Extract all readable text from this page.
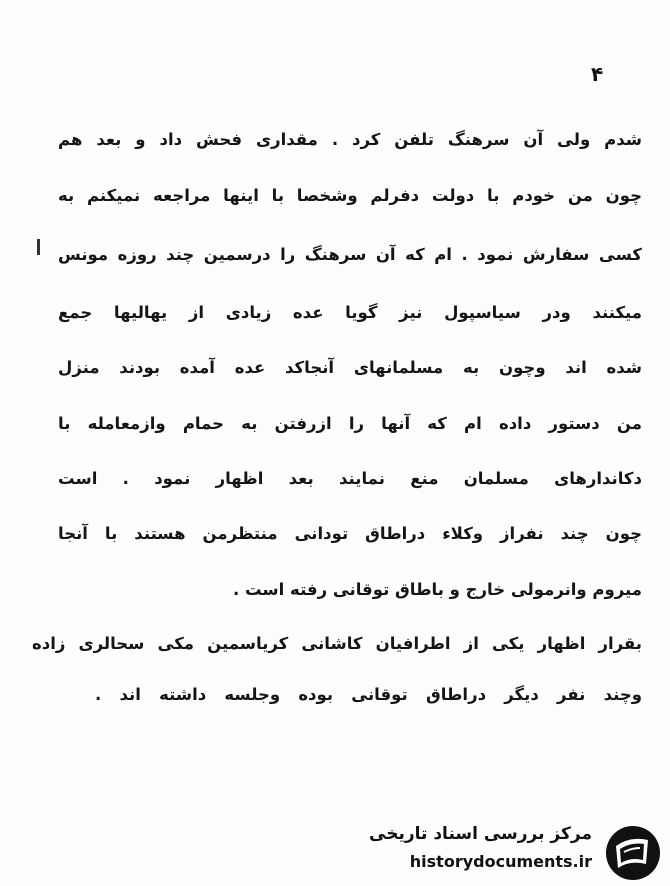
۴
شدم ولی آن سرهنگ تلفن کرد . مقداری فحش داد و بعد هم
چون من خودم با دولت دفرلم وشخصا با اینها مراجعه نمیکنم به
کسی سفارش نمود . ام که آن سرهنگ را درسمین چند روزه مونس
میکنند ودر سیاسپول نیز گویا عده زیادی از یهالیها جمع
شده اند وچون به مسلمانهای آنجاکد عده آمده بودند منزل
من دستور داده ام که آنها را ازرفتن به حمام وازمعامله با
دکاندارهای مسلمان منع نمایند بعد اظهار نمود . است
چون چند نفراز وکلاء دراطاق تودانی منتظرمن هستند با آنجا
میروم وانرمولی خارج و باطاق توقانی رفته است .
بقرار اظهار یکی از اطرافیان کاشانی کریاسمین مکی سحالری زاده
وچند نفر دیگر دراطاق توقانی بوده وجلسه داشته اند .
مرکز بررسی اسناد تاریخی
historydocuments.ir
